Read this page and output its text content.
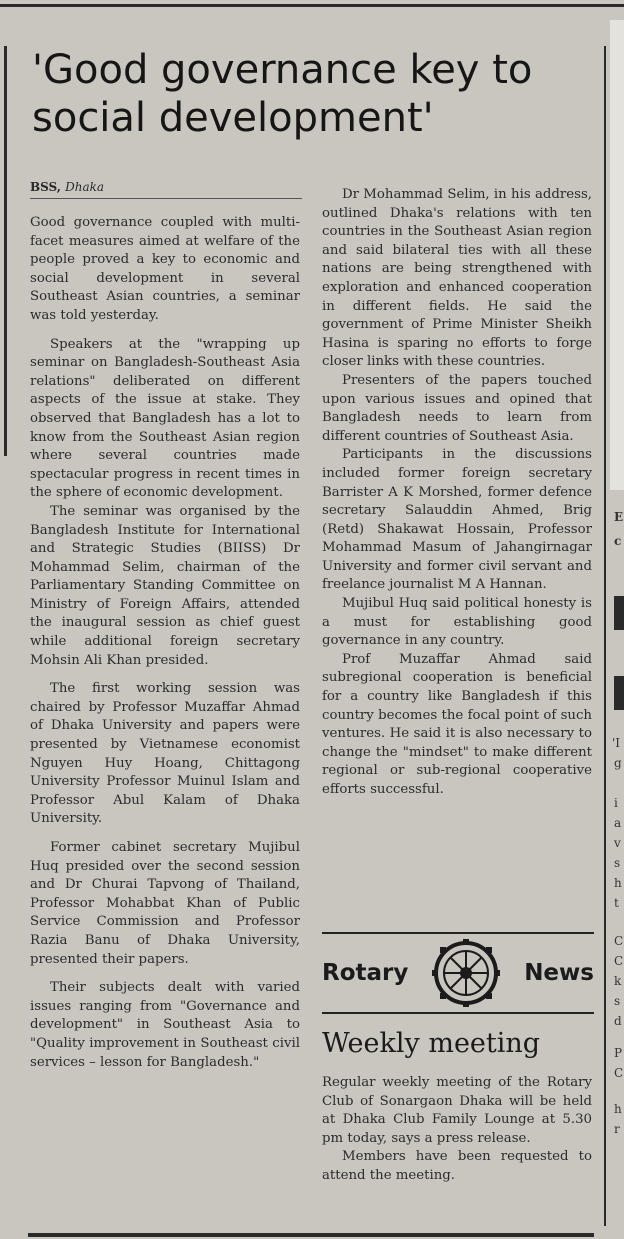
'Good governance key to social development'
BSS, Dhaka

Good governance coupled with multi-facet measures aimed at welfare of the people proved a key to economic and social development in several Southeast Asian countries, a seminar was told yesterday.

Speakers at the "wrapping up seminar on Bangladesh-Southeast Asia relations" deliberated on different aspects of the issue at stake. They observed that Bangladesh has a lot to know from the Southeast Asian region where several countries made spectacular progress in recent times in the sphere of economic development.

The seminar was organised by the Bangladesh Institute for International and Strategic Studies (BIISS) Dr Mohammad Selim, chairman of the Parliamentary Standing Committee on Ministry of Foreign Affairs, attended the inaugural session as chief guest while additional foreign secretary Mohsin Ali Khan presided.

The first working session was chaired by Professor Muzaffar Ahmad of Dhaka University and papers were presented by Vietnamese economist Nguyen Huy Hoang, Chittagong University Professor Muinul Islam and Professor Abul Kalam of Dhaka University.

Former cabinet secretary Mujibul Huq presided over the second session and Dr Churai Tapvong of Thailand, Professor Mohabbat Khan of Public Service Commission and Professor Razia Banu of Dhaka University, presented their papers.

Their subjects dealt with varied issues ranging from "Governance and development" in Southeast Asia to "Quality improvement in Southeast civil services – lesson for Bangladesh."

Dr Mohammad Selim, in his address, outlined Dhaka's relations with ten countries in the Southeast Asian region and said bilateral ties with all these nations are being strengthened with exploration and enhanced cooperation in different fields. He said the government of Prime Minister Sheikh Hasina is sparing no efforts to forge closer links with these countries.

Presenters of the papers touched upon various issues and opined that Bangladesh needs to learn from different countries of Southeast Asia.

Participants in the discussions included former foreign secretary Barrister A K Morshed, former defence secretary Salauddin Ahmed, Brig (Retd) Shakawat Hossain, Professor Mohammad Masum of Jahangirnagar University and former civil servant and freelance journalist M A Hannan.

Mujibul Huq said political honesty is a must for establishing good governance in any country.

Prof Muzaffar Ahmad said subregional cooperation is beneficial for a country like Bangladesh if this country becomes the focal point of such ventures. He said it is also necessary to change the "mindset" to make different regional or sub-regional cooperative efforts successful.

Rotary	News
Weekly meeting

Regular weekly meeting of the Rotary Club of Sonargaon Dhaka will be held at Dhaka Club Family Lounge at 5.30 pm today, says a press release.

Members have been requested to attend the meeting.

E
c
'I
g
i
a
v
s
h
t
C
C
k
s
d
P
C
h
r
